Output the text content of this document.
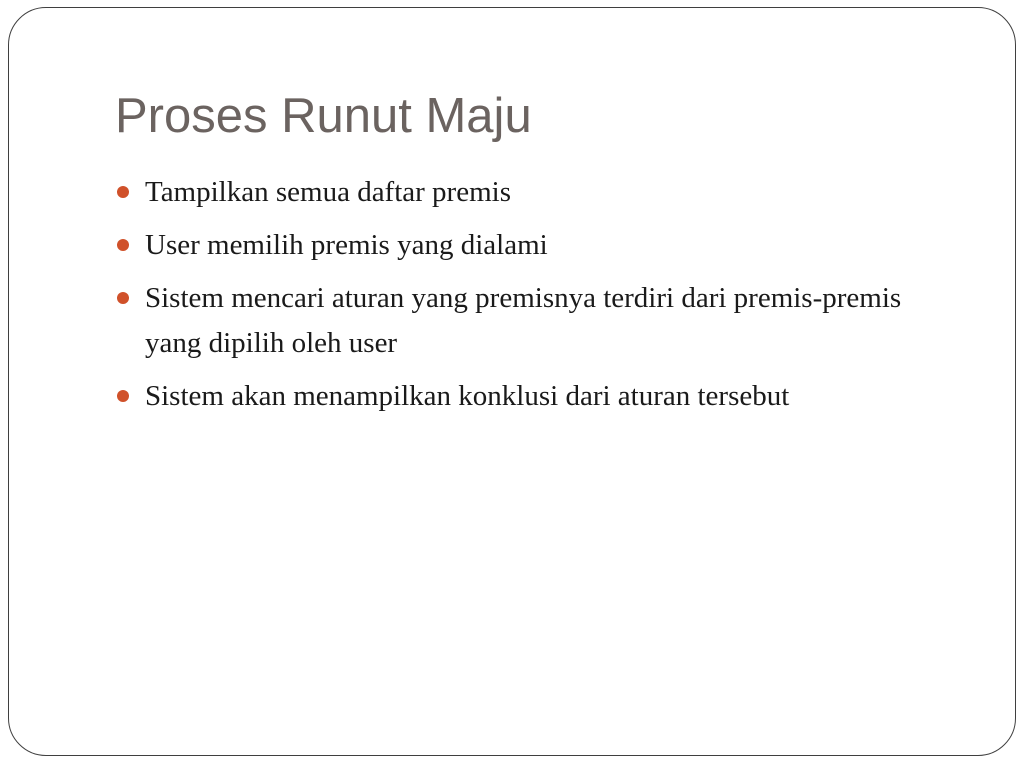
Proses Runut Maju
Tampilkan semua daftar premis
User memilih premis yang dialami
Sistem mencari aturan yang premisnya terdiri dari premis-premis yang dipilih oleh user
Sistem akan menampilkan konklusi dari aturan tersebut
